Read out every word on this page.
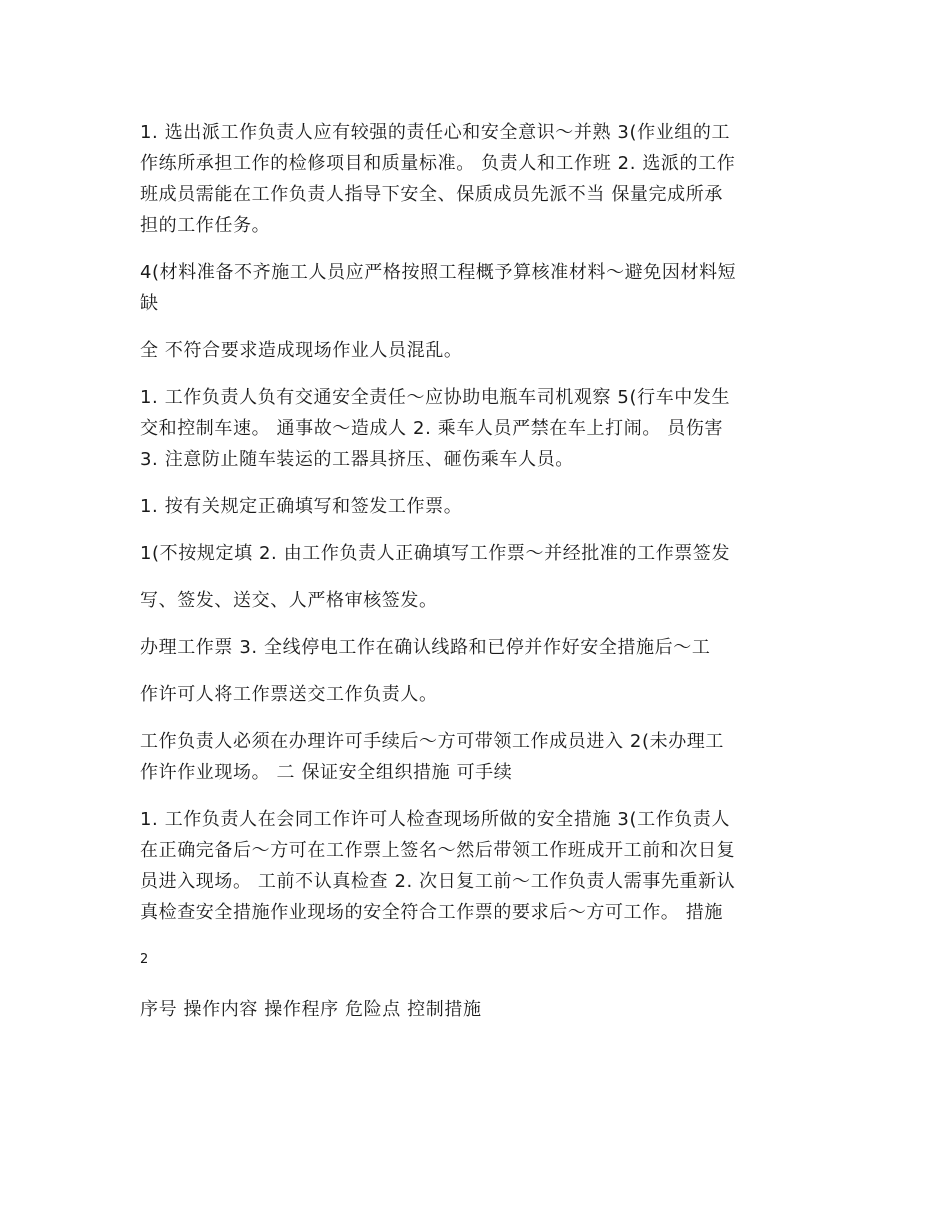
1. 选出派工作负责人应有较强的责任心和安全意识～并熟 3(作业组的工
作练所承担工作的检修项目和质量标准。 负责人和工作班 2. 选派的工作
班成员需能在工作负责人指导下安全、保质成员先派不当 保量完成所承
担的工作任务。

4(材料准备不齐施工人员应严格按照工程概予算核准材料～避免因材料短
缺

全 不符合要求造成现场作业人员混乱。

1. 工作负责人负有交通安全责任～应协助电瓶车司机观察 5(行车中发生
交和控制车速。 通事故～造成人 2. 乘车人员严禁在车上打闹。 员伤害
3. 注意防止随车装运的工器具挤压、砸伤乘车人员。

1. 按有关规定正确填写和签发工作票。

1(不按规定填 2. 由工作负责人正确填写工作票～并经批准的工作票签发

写、签发、送交、人严格审核签发。

办理工作票 3. 全线停电工作在确认线路和已停并作好安全措施后～工

作许可人将工作票送交工作负责人。

工作负责人必须在办理许可手续后～方可带领工作成员进入 2(未办理工
作许作业现场。 二 保证安全组织措施 可手续

1. 工作负责人在会同工作许可人检查现场所做的安全措施 3(工作负责人
在正确完备后～方可在工作票上签名～然后带领工作班成开工前和次日复
员进入现场。 工前不认真检查 2. 次日复工前～工作负责人需事先重新认
真检查安全措施作业现场的安全符合工作票的要求后～方可工作。 措施

2

序号 操作内容 操作程序 危险点 控制措施
